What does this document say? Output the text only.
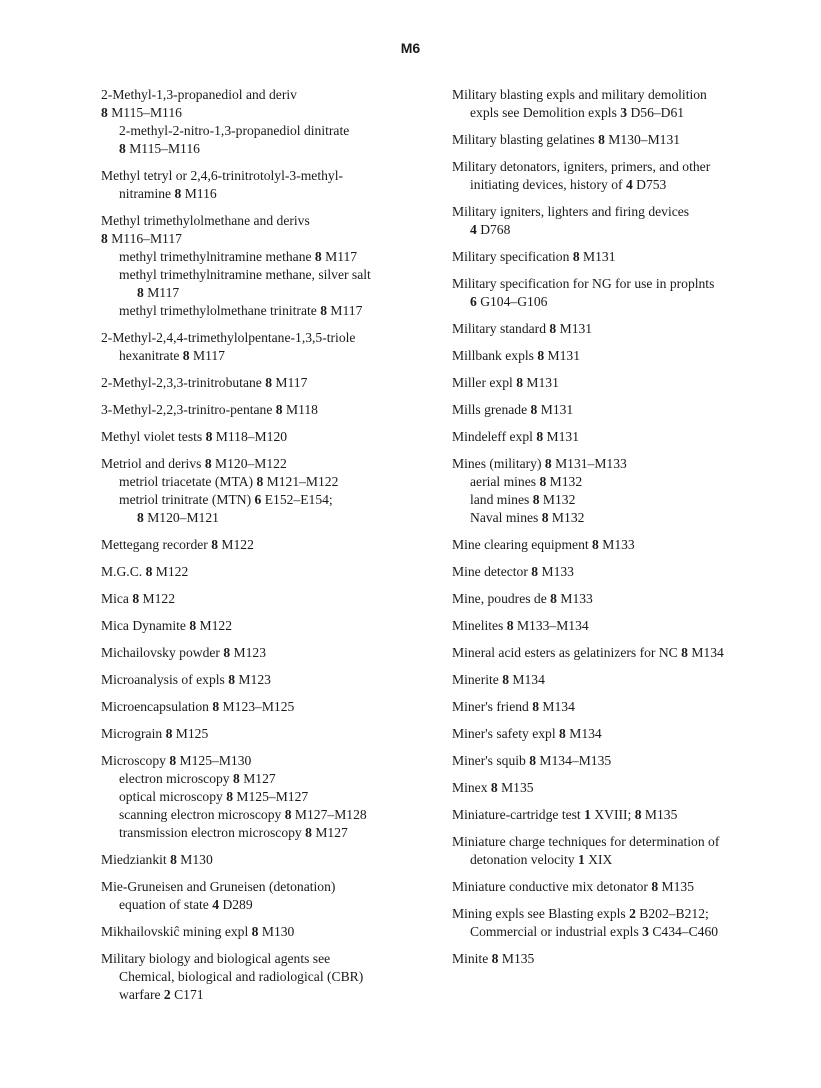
M6
2-Methyl-1,3-propanediol and deriv
8 M115–M116
2-methyl-2-nitro-1,3-propanediol dinitrate
8 M115–M116
Methyl tetryl or 2,4,6-trinitrotolyl-3-methyl-
nitramine 8 M116
Methyl trimethylolmethane and derivs
8 M116–M117
methyl trimethylnitramine methane 8 M117
methyl trimethylnitramine methane, silver salt
8 M117
methyl trimethylolmethane trinitrate 8 M117
2-Methyl-2,4,4-trimethylolpentane-1,3,5-triole
hexanitrate 8 M117
2-Methyl-2,3,3-trinitrobutane 8 M117
3-Methyl-2,2,3-trinitro-pentane 8 M118
Methyl violet tests 8 M118–M120
Metriol and derivs 8 M120–M122
metriol triacetate (MTA) 8 M121–M122
metriol trinitrate (MTN) 6 E152–E154;
8 M120–M121
Mettegang recorder 8 M122
M.G.C. 8 M122
Mica 8 M122
Mica Dynamite 8 M122
Michailovsky powder 8 M123
Microanalysis of expls 8 M123
Microencapsulation 8 M123–M125
Micrograin 8 M125
Microscopy 8 M125–M130
electron microscopy 8 M127
optical microscopy 8 M125–M127
scanning electron microscopy 8 M127–M128
transmission electron microscopy 8 M127
Miedziankit 8 M130
Mie-Gruneisen and Gruneisen (detonation)
equation of state 4 D289
Mikhailovskiĉ mining expl 8 M130
Military biology and biological agents see
Chemical, biological and radiological (CBR)
warfare 2 C171
Military blasting expls and military demolition
expls see Demolition expls 3 D56–D61
Military blasting gelatines 8 M130–M131
Military detonators, igniters, primers, and other
initiating devices, history of 4 D753
Military igniters, lighters and firing devices
4 D768
Military specification 8 M131
Military specification for NG for use in proplnts
6 G104–G106
Military standard 8 M131
Millbank expls 8 M131
Miller expl 8 M131
Mills grenade 8 M131
Mindeleff expl 8 M131
Mines (military) 8 M131–M133
aerial mines 8 M132
land mines 8 M132
Naval mines 8 M132
Mine clearing equipment 8 M133
Mine detector 8 M133
Mine, poudres de 8 M133
Minelites 8 M133–M134
Mineral acid esters as gelatinizers for NC 8 M134
Minerite 8 M134
Miner's friend 8 M134
Miner's safety expl 8 M134
Miner's squib 8 M134–M135
Minex 8 M135
Miniature-cartridge test 1 XVIII; 8 M135
Miniature charge techniques for determination of
detonation velocity 1 XIX
Miniature conductive mix detonator 8 M135
Mining expls see Blasting expls 2 B202–B212;
Commercial or industrial expls 3 C434–C460
Minite 8 M135
